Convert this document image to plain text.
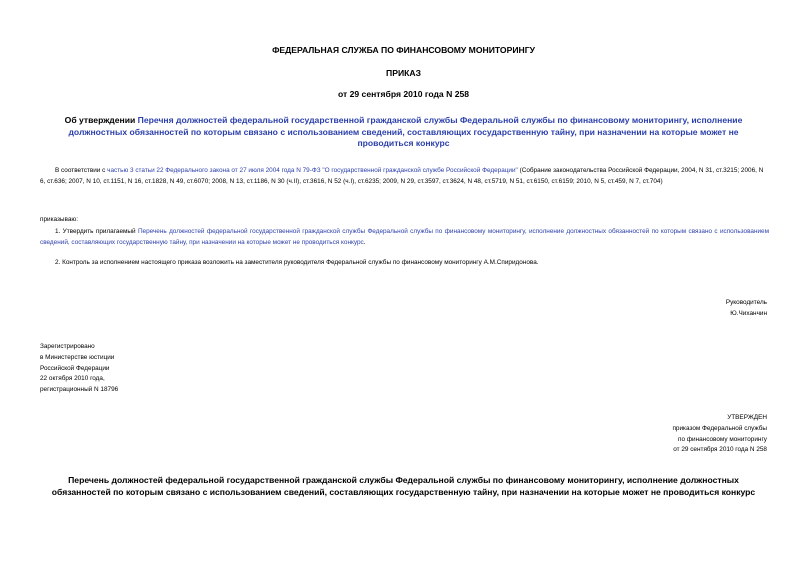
ФЕДЕРАЛЬНАЯ СЛУЖБА ПО ФИНАНСОВОМУ МОНИТОРИНГУ
ПРИКАЗ
от 29 сентября 2010 года N 258
Об утверждении Перечня должностей федеральной государственной гражданской службы Федеральной службы по финансовому мониторингу, исполнение должностных обязанностей по которым связано с использованием сведений, составляющих государственную тайну, при назначении на которые может не проводиться конкурс
В соответствии с частью 3 статьи 22 Федерального закона от 27 июля 2004 года N 79-ФЗ "О государственной гражданской службе Российской Федерации" (Собрание законодательства Российской Федерации, 2004, N 31, ст.3215; 2006, N 6, ст.636; 2007, N 10, ст.1151, N 16, ст.1828, N 49, ст.6070; 2008, N 13, ст.1186, N 30 (ч.II), ст.3616, N 52 (ч.I), ст.6235; 2009, N 29, ст.3597, ст.3624, N 48, ст.5719, N 51, ст.6150, ст.6159; 2010, N 5, ст.459, N 7, ст.704)
приказываю:
1. Утвердить прилагаемый Перечень должностей федеральной государственной гражданской службы Федеральной службы по финансовому мониторингу, исполнение должностных обязанностей по которым связано с использованием сведений, составляющих государственную тайну, при назначении на которые может не проводиться конкурс.
2. Контроль за исполнением настоящего приказа возложить на заместителя руководителя Федеральной службы по финансовому мониторингу А.М.Спиридонова.
Руководитель
Ю.Чиханчин
Зарегистрировано
в Министерстве юстиции
Российской Федерации
22 октября 2010 года,
регистрационный N 18796
УТВЕРЖДЕН
приказом Федеральной службы
по финансовому мониторингу
от 29 сентября 2010 года N 258
Перечень должностей федеральной государственной гражданской службы Федеральной службы по финансовому мониторингу, исполнение должностных обязанностей по которым связано с использованием сведений, составляющих государственную тайну, при назначении на которые может не проводиться конкурс
